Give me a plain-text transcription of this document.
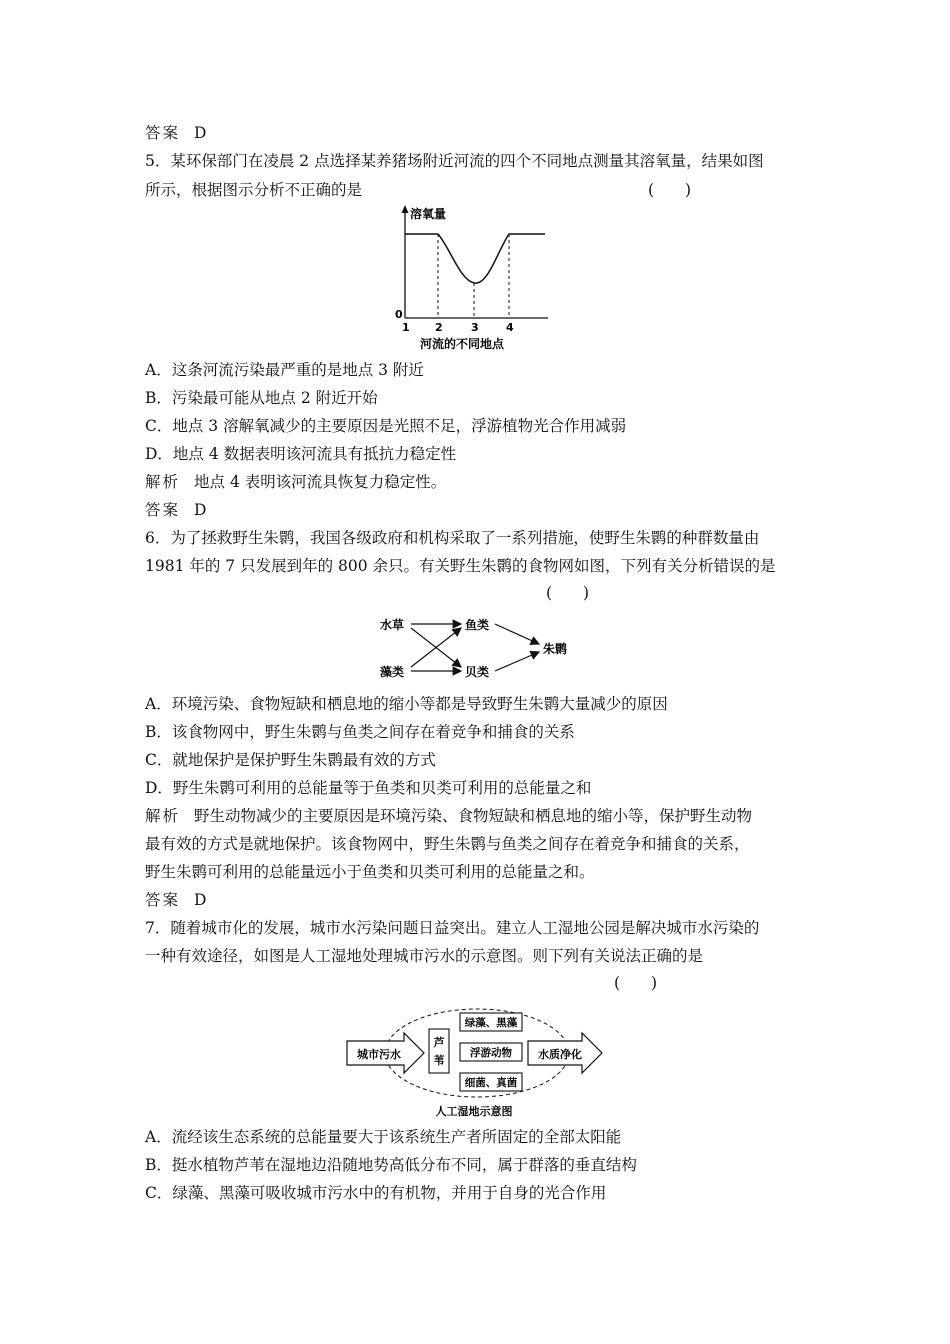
答案 D
5．某环保部门在凌晨 2 点选择某养猪场附近河流的四个不同地点测量其溶氧量，结果如图
所示，根据图示分析不正确的是	(　　)
溶氧量
0
1 2	3 4
河流的不同地点
A．这条河流污染最严重的是地点 3 附近
B．污染最可能从地点 2 附近开始
C．地点 3 溶解氧减少的主要原因是光照不足，浮游植物光合作用减弱
D．地点 4 数据表明该河流具有抵抗力稳定性
解析 地点 4 表明该河流具恢复力稳定性。
答案 D
6．为了拯救野生朱鹮，我国各级政府和机构采取了一系列措施，使野生朱鹮的种群数量由
1981 年的 7 只发展到年的 800 余只。有关野生朱鹮的食物网如图，下列有关分析错误的是
(　　)
水草
藻类
鱼类
贝类
朱鹮
A．环境污染、食物短缺和栖息地的缩小等都是导致野生朱鹮大量减少的原因
B．该食物网中，野生朱鹮与鱼类之间存在着竞争和捕食的关系
C．就地保护是保护野生朱鹮最有效的方式
D．野生朱鹮可利用的总能量等于鱼类和贝类可利用的总能量之和
解析 野生动物减少的主要原因是环境污染、食物短缺和栖息地的缩小等，保护野生动物
最有效的方式是就地保护。该食物网中，野生朱鹮与鱼类之间存在着竞争和捕食的关系，
野生朱鹮可利用的总能量远小于鱼类和贝类可利用的总能量之和。
答案 D
7．随着城市化的发展，城市水污染问题日益突出。建立人工湿地公园是解决城市水污染的
一种有效途径，如图是人工湿地处理城市污水的示意图。则下列有关说法正确的是
(　　)
城市污水
芦
苇
绿藻、黑藻
浮游动物
细菌、真菌
水质净化
人工湿地示意图
A．流经该生态系统的总能量要大于该系统生产者所固定的全部太阳能
B．挺水植物芦苇在湿地边沿随地势高低分布不同，属于群落的垂直结构
C．绿藻、黑藻可吸收城市污水中的有机物，并用于自身的光合作用
